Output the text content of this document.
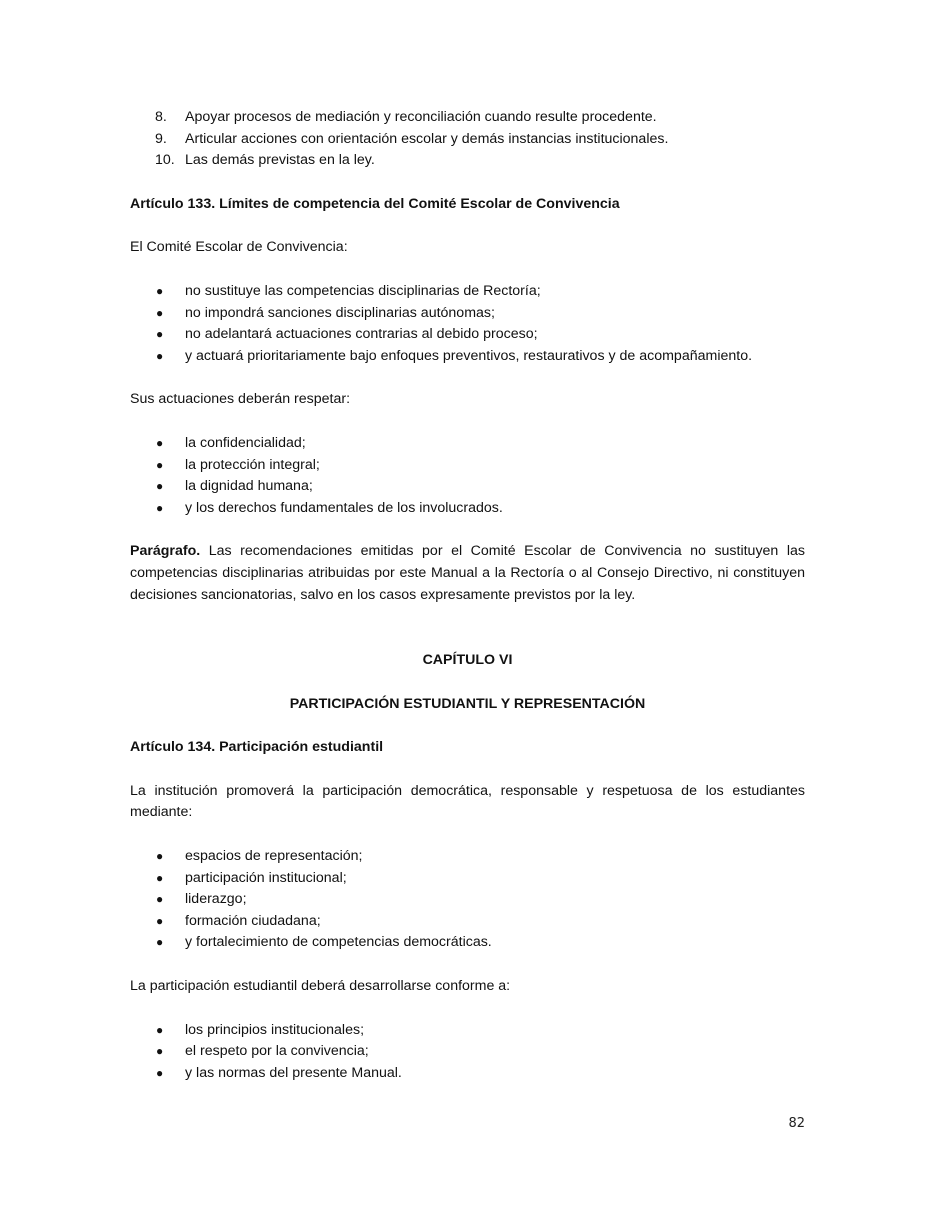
8.	Apoyar procesos de mediación y reconciliación cuando resulte procedente.
9.	Articular acciones con orientación escolar y demás instancias institucionales.
10. Las demás previstas en la ley.
Artículo 133. Límites de competencia del Comité Escolar de Convivencia
El Comité Escolar de Convivencia:
●	no sustituye las competencias disciplinarias de Rectoría;
●	no impondrá sanciones disciplinarias autónomas;
●	no adelantará actuaciones contrarias al debido proceso;
●	y actuará prioritariamente bajo enfoques preventivos, restaurativos y de acompañamiento.
Sus actuaciones deberán respetar:
●	la confidencialidad;
●	la protección integral;
●	la dignidad humana;
●	y los derechos fundamentales de los involucrados.
Parágrafo. Las recomendaciones emitidas por el Comité Escolar de Convivencia no sustituyen las competencias disciplinarias atribuidas por este Manual a la Rectoría o al Consejo Directivo, ni constituyen decisiones sancionatorias, salvo en los casos expresamente previstos por la ley.
CAPÍTULO VI
PARTICIPACIÓN ESTUDIANTIL Y REPRESENTACIÓN
Artículo 134. Participación estudiantil
La institución promoverá la participación democrática, responsable y respetuosa de los estudiantes mediante:
●	espacios de representación;
●	participación institucional;
●	liderazgo;
●	formación ciudadana;
●	y fortalecimiento de competencias democráticas.
La participación estudiantil deberá desarrollarse conforme a:
●	los principios institucionales;
●	el respeto por la convivencia;
●	y las normas del presente Manual.
82
